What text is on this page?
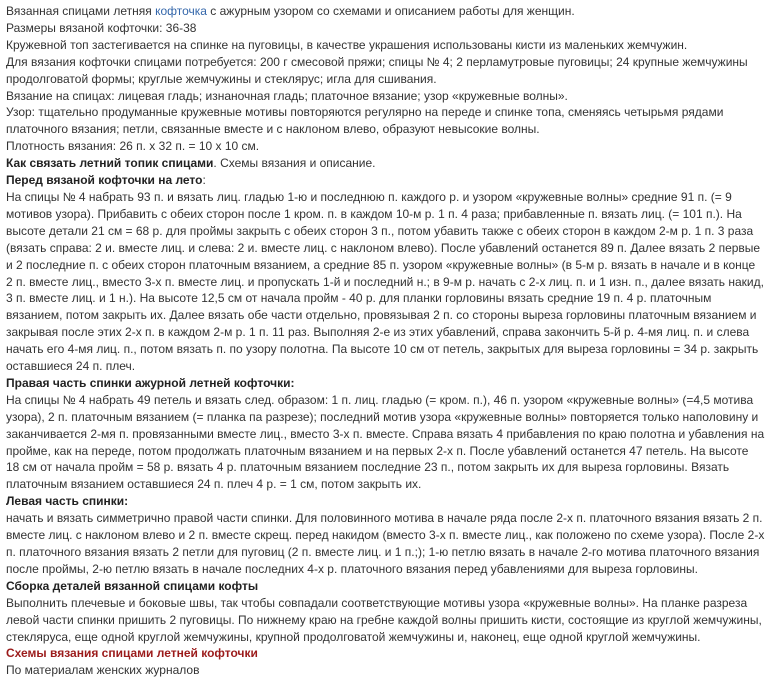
Вязанная спицами летняя кофточка с ажурным узором со схемами и описанием работы для женщин.

Размеры вязаной кофточки: 36-38

Кружевной топ застегивается на спинке на пуговицы, в качестве украшения использованы кисти из маленьких жемчужин.

Для вязания кофточки спицами потребуется: 200 г смесовой пряжи; спицы № 4; 2 перламутровые пуговицы; 24 крупные жемчужины продолговатой формы; круглые жемчужины и стеклярус; игла для сшивания.

Вязание на спицах: лицевая гладь; изнаночная гладь; платочное вязание; узор «кружевные волны».

Узор: тщательно продуманные кружевные мотивы повторяются регулярно на переде и спинке топа, сменяясь четырьмя рядами платочного вязания; петли, связанные вместе и с наклоном влево, образуют невысокие волны.

Плотность вязания: 26 п. х 32 п. = 10 х 10 см.

Как связать летний топик спицами. Схемы вязания и описание.

Перед вязаной кофточки на лето:

На спицы № 4 набрать 93 п. и вязать лиц. гладью 1-ю и последнюю п. каждого р. и узором «кружевные волны» средние 91 п. (= 9 мотивов узора). Прибавить с обеих сторон после 1 кром. п. в каждом 10-м р. 1 п. 4 раза; прибавленные п. вязать лиц. (= 101 п.). На высоте детали 21 см = 68 р. для проймы закрыть с обеих сторон 3 п., потом убавить также с обеих сторон в каждом 2-м р. 1 п. 3 раза (вязать справа: 2 и. вместе лиц. и слева: 2 и. вместе лиц. с наклоном влево). После убавлений останется 89 п. Далее вязать 2 первые и 2 последние п. с обеих сторон платочным вязанием, а средние 85 п. узором «кружевные волны» (в 5-м р. вязать в начале и в конце 2 п. вместе лиц., вместо 3-х п. вместе лиц. и пропускать 1-й и последний н.; в 9-м р. начать с 2-х лиц. п. и 1 изн. п., далее вязать накид, 3 п. вместе лиц. и 1 н.). На высоте 12,5 см от начала пройм - 40 р. для планки горловины вязать средние 19 п. 4 р. платочным вязанием, потом закрыть их. Далее вязать обе части отдельно, провязывая 2 п. со стороны выреза горловины платочным вязанием и закрывая после этих 2-х п. в каждом 2-м р. 1 п. 11 раз. Выполняя 2-е из этих убавлений, справа закончить 5-й р. 4-мя лиц. п. и слева начать его 4-мя лиц. п., потом вязать п. по узору полотна. Па высоте 10 см от петель, закрытых для выреза горловины = 34 р. закрыть оставшиеся 24 п. плеч.

Правая часть спинки ажурной летней кофточки:

На спицы № 4 набрать 49 петель и вязать след. образом: 1 п. лиц. гладью (= кром. п.), 46 п. узором «кружевные волны» (=4,5 мотива узора), 2 п. платочным вязанием (= планка па разрезе); последний мотив узора «кружевные волны» повторяется только наполовину и заканчивается 2-мя п. провязанными вместе лиц., вместо 3-х п. вместе. Справа вязать 4 прибавления по краю полотна и убавления на пройме, как на переде, потом продолжать платочным вязанием и на первых 2-х п. После убавлений останется 47 петель. На высоте 18 см от начала пройм = 58 р. вязать 4 р. платочным вязанием последние 23 п., потом закрыть их для выреза горловины. Вязать платочным вязанием оставшиеся 24 п. плеч 4 р. = 1 см, потом закрыть их.

Левая часть спинки:

начать и вязать симметрично правой части спинки. Для половинного мотива в начале ряда после 2-х п. платочного вязания вязать 2 п. вместе лиц. с наклоном влево и 2 п. вместе скрещ. перед накидом (вместо 3-х п. вместе лиц., как положено по схеме узора). После 2-х п. платочного вязания вязать 2 петли для пуговиц (2 п. вместе лиц. и 1 п.;); 1-ю петлю вязать в начале 2-го мотива платочного вязания после проймы, 2-ю петлю вязать в начале последних 4-х р. платочного вязания перед убавлениями для выреза горловины.

Сборка деталей вязанной спицами кофты

Выполнить плечевые и боковые швы, так чтобы совпадали соответствующие мотивы узора «кружевные волны». На планке разреза левой части спинки пришить 2 пуговицы. По нижнему краю на гребне каждой волны пришить кисти, состоящие из круглой жемчужины, стекляруса, еще одной круглой жемчужины, крупной продолговатой жемчужины и, наконец, еще одной круглой жемчужины.

Схемы вязания спицами летней кофточки

По материалам женских журналов
